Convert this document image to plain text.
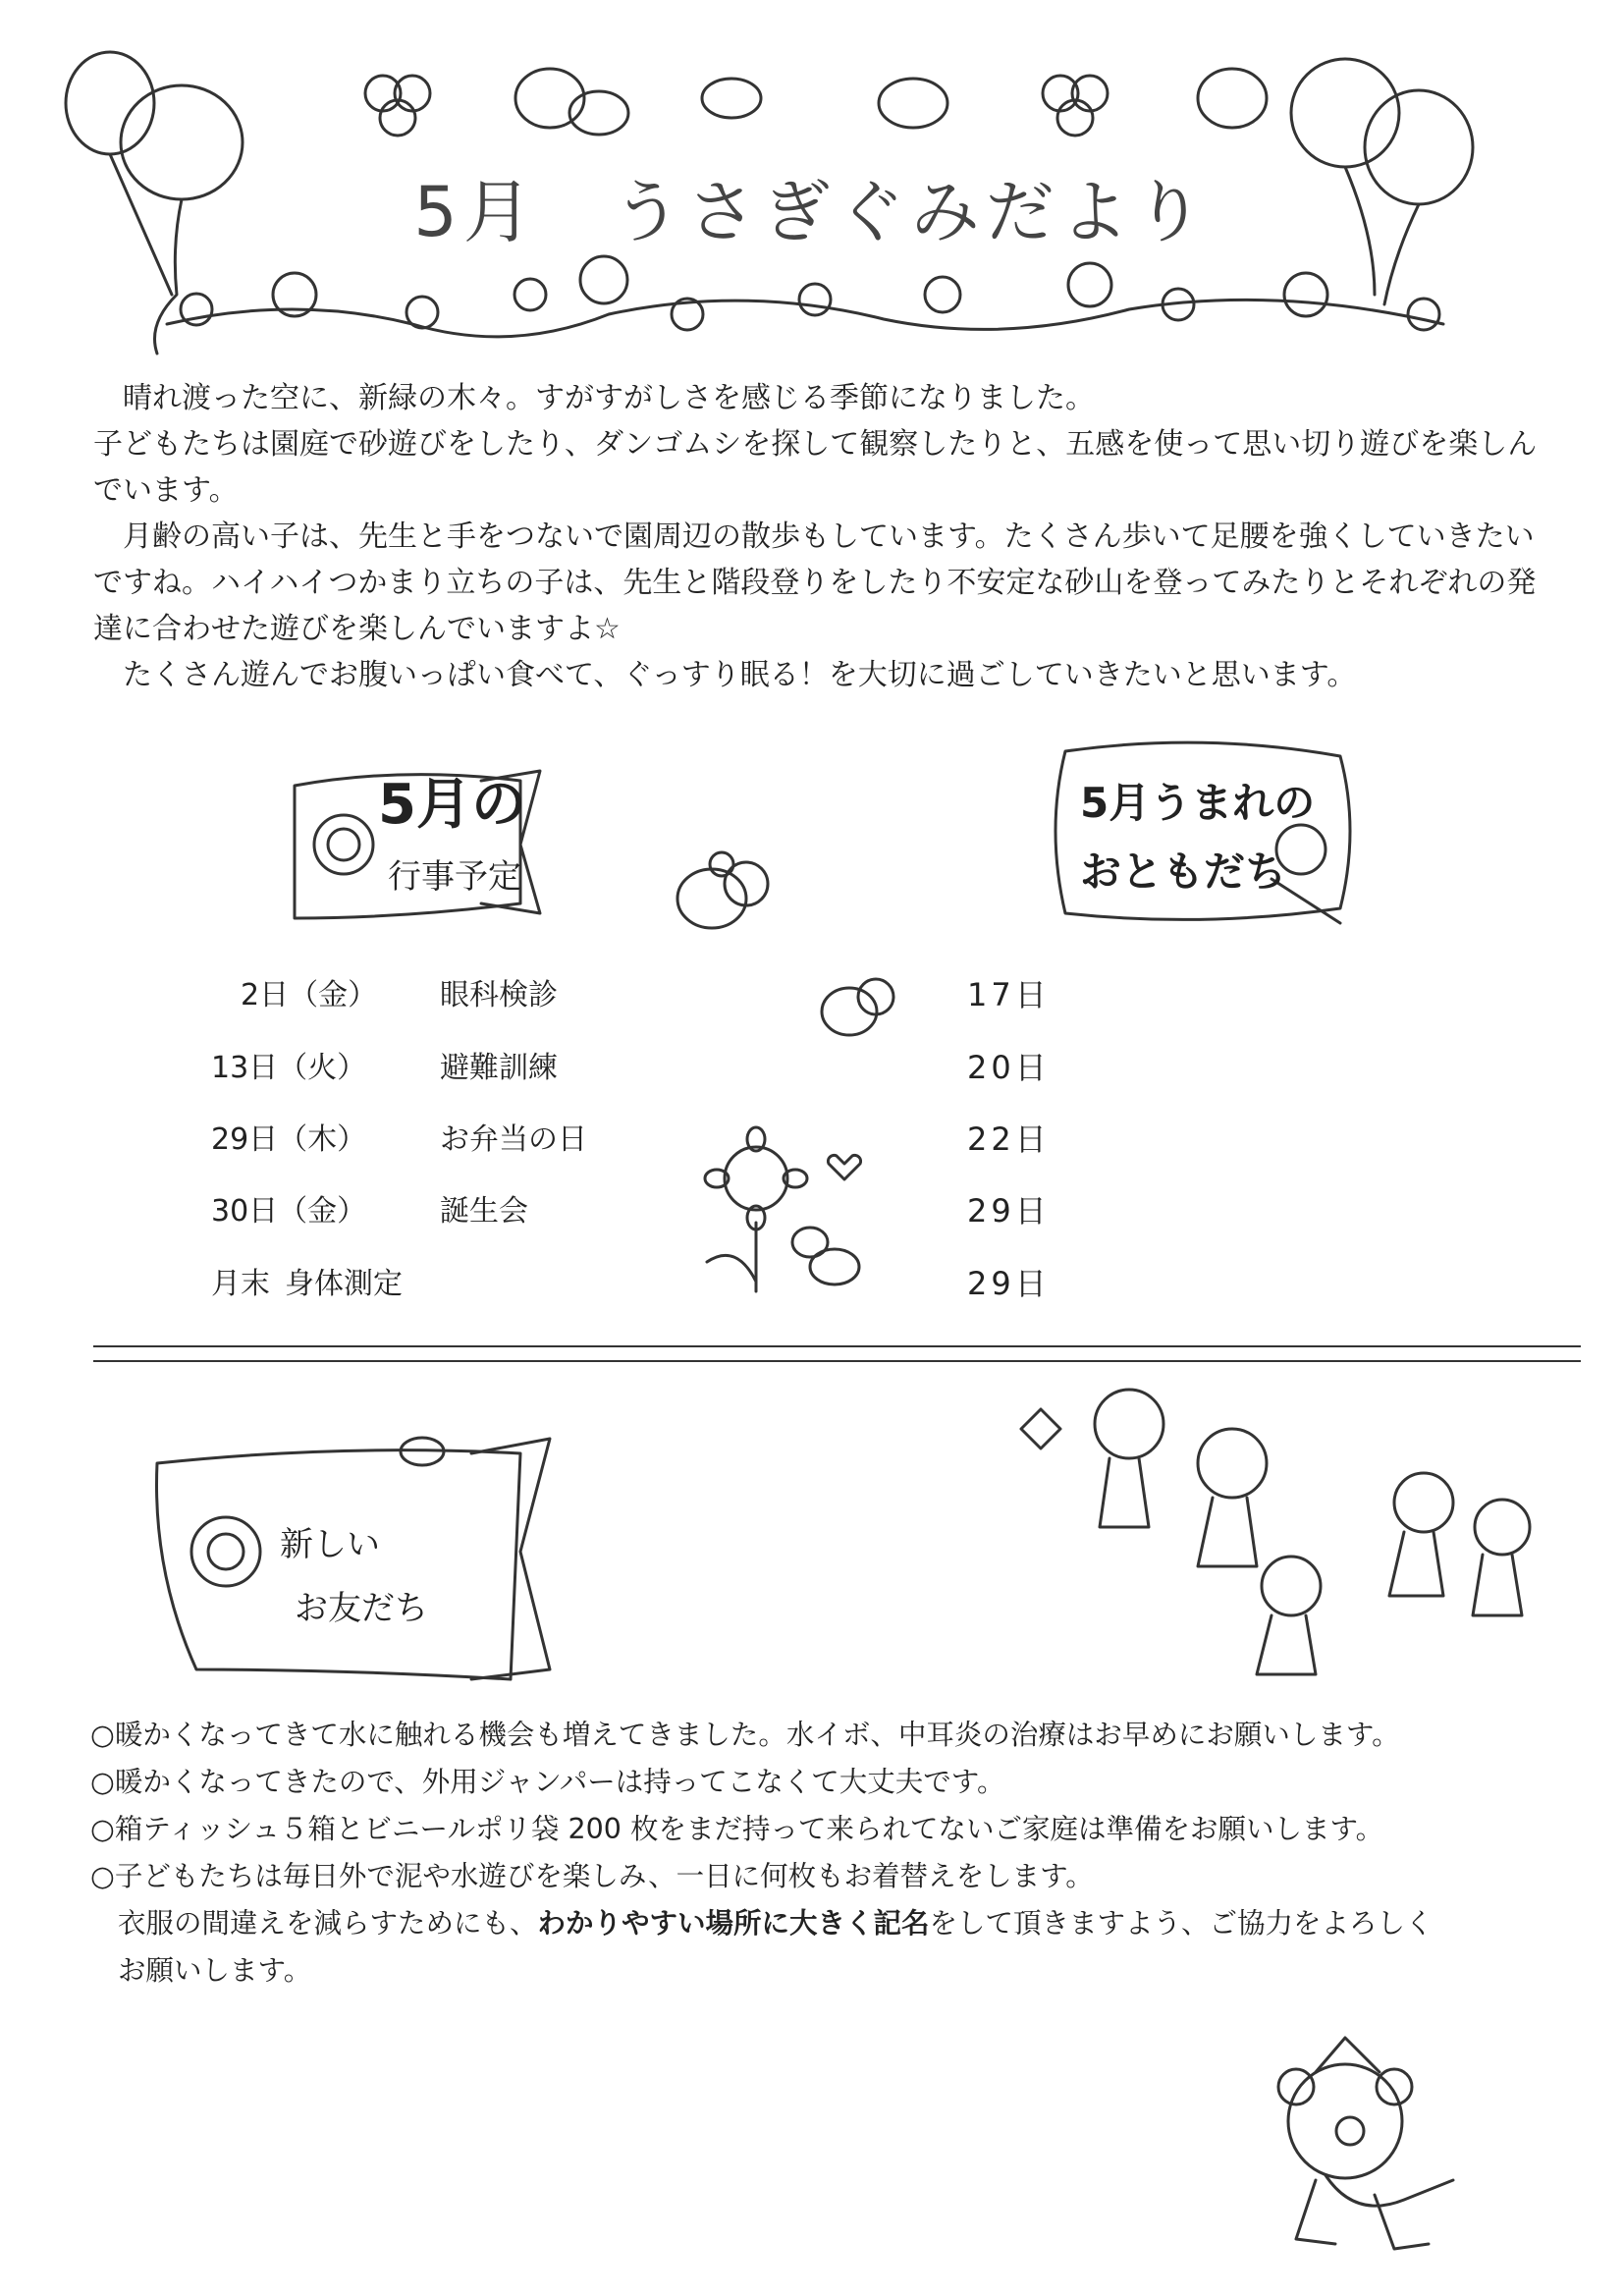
5月　うさぎぐみだより

晴れ渡った空に、新緑の木々。すがすがしさを感じる季節になりました。

子どもたちは園庭で砂遊びをしたり、ダンゴムシを探して観察したりと、五感を使って思い切り遊びを楽しんでいます。

月齢の高い子は、先生と手をつないで園周辺の散歩もしています。たくさん歩いて足腰を強くしていきたいですね。ハイハイつかまり立ちの子は、先生と階段登りをしたり不安定な砂山を登ってみたりとそれぞれの発達に合わせた遊びを楽しんでいますよ☆

たくさん遊んでお腹いっぱい食べて、ぐっすり眠る！を大切に過ごしていきたいと思います。

5月の
行事予定
5月うまれの
おともだち
2日（金） 眼科検診
13日（火） 避難訓練
29日（木） お弁当の日
30日（金） 誕生会
月末 身体測定
17日
20日
22日
29日
29日
新しい
お友だち

○暖かくなってきて水に触れる機会も増えてきました。水イボ、中耳炎の治療はお早めにお願いします。

○暖かくなってきたので、外用ジャンパーは持ってこなくて大丈夫です。

○箱ティッシュ５箱とビニールポリ袋 200 枚をまだ持って来られてないご家庭は準備をお願いします。

○子どもたちは毎日外で泥や水遊びを楽しみ、一日に何枚もお着替えをします。

衣服の間違えを減らすためにも、わかりやすい場所に大きく記名をして頂きますよう、ご協力をよろしく

お願いします。
